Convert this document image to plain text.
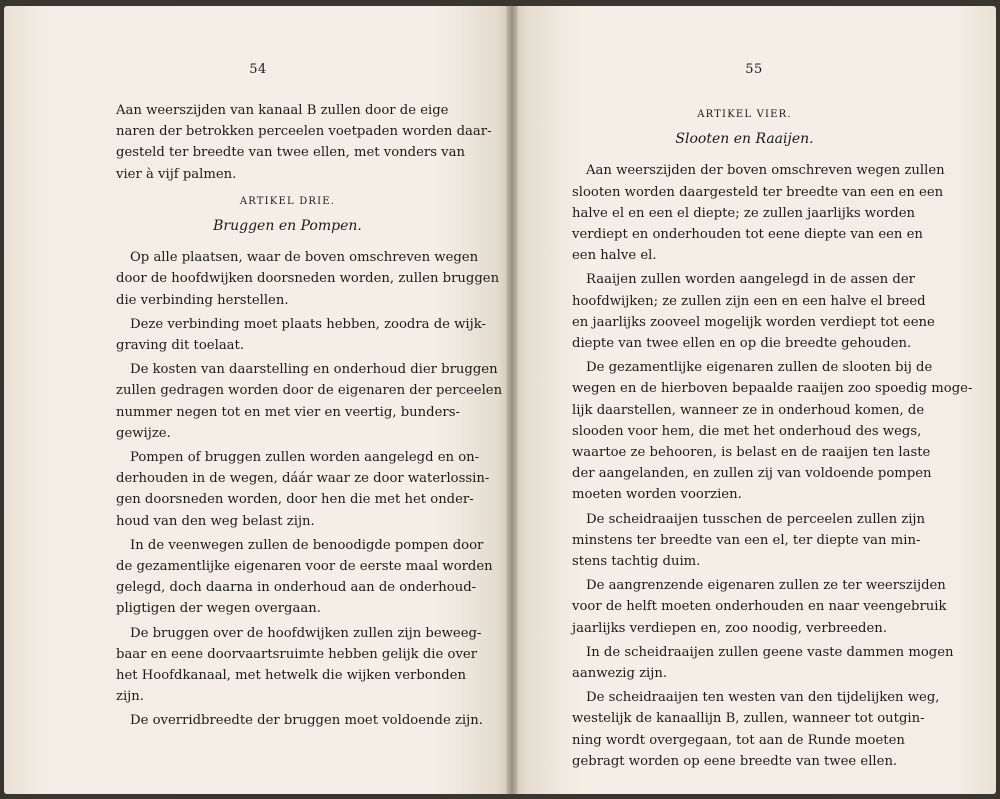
54
Aan weerszijden van kanaal B zullen door de eige
naren der betrokken perceelen voetpaden worden daar-
gesteld ter breedte van twee ellen, met vonders van
vier à vijf palmen.
ARTIKEL DRIE.
Bruggen en Pompen.
Op alle plaatsen, waar de boven omschreven wegen
door de hoofdwijken doorsneden worden, zullen bruggen
die verbinding herstellen.
Deze verbinding moet plaats hebben, zoodra de wijk-
graving dit toelaat.
De kosten van daarstelling en onderhoud dier bruggen
zullen gedragen worden door de eigenaren der perceelen
nummer negen tot en met vier en veertig, bunders-
gewijze.
Pompen of bruggen zullen worden aangelegd en on-
derhouden in de wegen, dáár waar ze door waterlossin-
gen doorsneden worden, door hen die met het onder-
houd van den weg belast zijn.
In de veenwegen zullen de benoodigde pompen door
de gezamentlijke eigenaren voor de eerste maal worden
gelegd, doch daarna in onderhoud aan de onderhoud-
pligtigen der wegen overgaan.
De bruggen over de hoofdwijken zullen zijn beweeg-
baar en eene doorvaartsruimte hebben gelijk die over
het Hoofdkanaal, met hetwelk die wijken verbonden
zijn.
De overridbreedte der bruggen moet voldoende zijn.
55
ARTIKEL VIER.
Slooten en Raaijen.
Aan weerszijden der boven omschreven wegen zullen
slooten worden daargesteld ter breedte van een en een
halve el en een el diepte; ze zullen jaarlijks worden
verdiept en onderhouden tot eene diepte van een en
een halve el.
Raaijen zullen worden aangelegd in de assen der
hoofdwijken; ze zullen zijn een en een halve el breed
en jaarlijks zooveel mogelijk worden verdiept tot eene
diepte van twee ellen en op die breedte gehouden.
De gezamentlijke eigenaren zullen de slooten bij de
wegen en de hierboven bepaalde raaijen zoo spoedig moge-
lijk daarstellen, wanneer ze in onderhoud komen, de
slooden voor hem, die met het onderhoud des wegs,
waartoe ze behooren, is belast en de raaijen ten laste
der aangelanden, en zullen zij van voldoende pompen
moeten worden voorzien.
De scheidraaijen tusschen de perceelen zullen zijn
minstens ter breedte van een el, ter diepte van min-
stens tachtig duim.
De aangrenzende eigenaren zullen ze ter weerszijden
voor de helft moeten onderhouden en naar veengebruik
jaarlijks verdiepen en, zoo noodig, verbreeden.
In de scheidraaijen zullen geene vaste dammen mogen
aanwezig zijn.
De scheidraaijen ten westen van den tijdelijken weg,
westelijk de kanaallijn B, zullen, wanneer tot outgin-
ning wordt overgegaan, tot aan de Runde moeten
gebragt worden op eene breedte van twee ellen.
